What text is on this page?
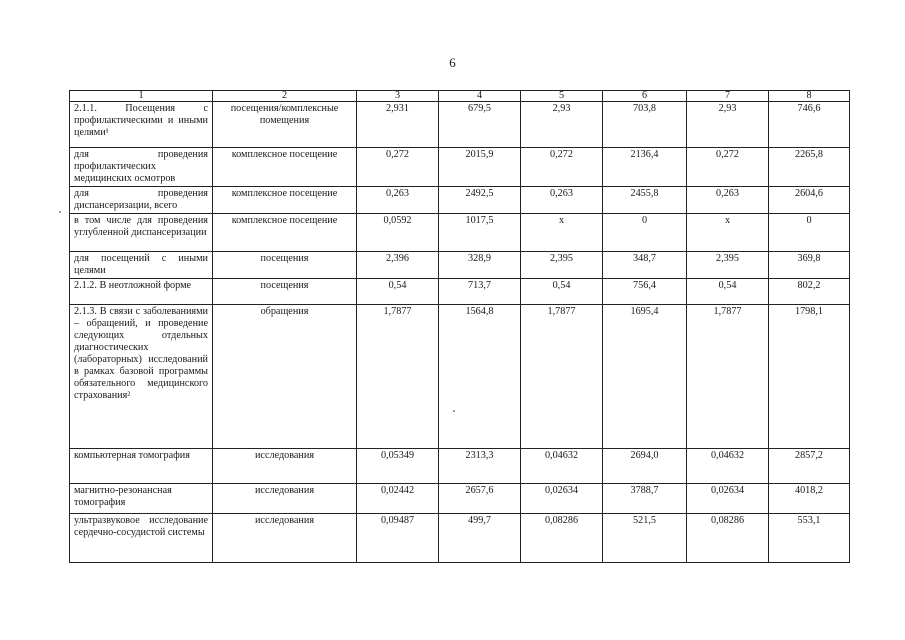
6
1	2	3	4	5	6	7	8
2.1.1. Посещения с профилактическими и иными целями¹	посещения/комплексные помещения	2,931	679,5	2,93	703,8	2,93	746,6
для проведения профилактических медицинских осмотров	комплексное посещение	0,272	2015,9	0,272	2136,4	0,272	2265,8
для проведения диспансеризации, всего	комплексное посещение	0,263	2492,5	0,263	2455,8	0,263	2604,6
в том числе для проведения углубленной диспансеризации	комплексное посещение	0,0592	1017,5	х	0	х	0
для посещений с иными целями	посещения	2,396	328,9	2,395	348,7	2,395	369,8
2.1.2. В неотложной форме	посещения	0,54	713,7	0,54	756,4	0,54	802,2
2.1.3. В связи с заболеваниями – обращений, и проведение следующих отдельных диагностических (лабораторных) исследований в рамках базовой программы обязательного медицинского страхования²	обращения	1,7877	1564,8	1,7877	1695,4	1,7877	1798,1
компьютерная томография	исследования	0,05349	2313,3	0,04632	2694,0	0,04632	2857,2
магнитно-резонансная томография	исследования	0,02442	2657,6	0,02634	3788,7	0,02634	4018,2
ультразвуковое исследование сердечно-сосудистой системы	исследования	0,09487	499,7	0,08286	521,5	0,08286	553,1
